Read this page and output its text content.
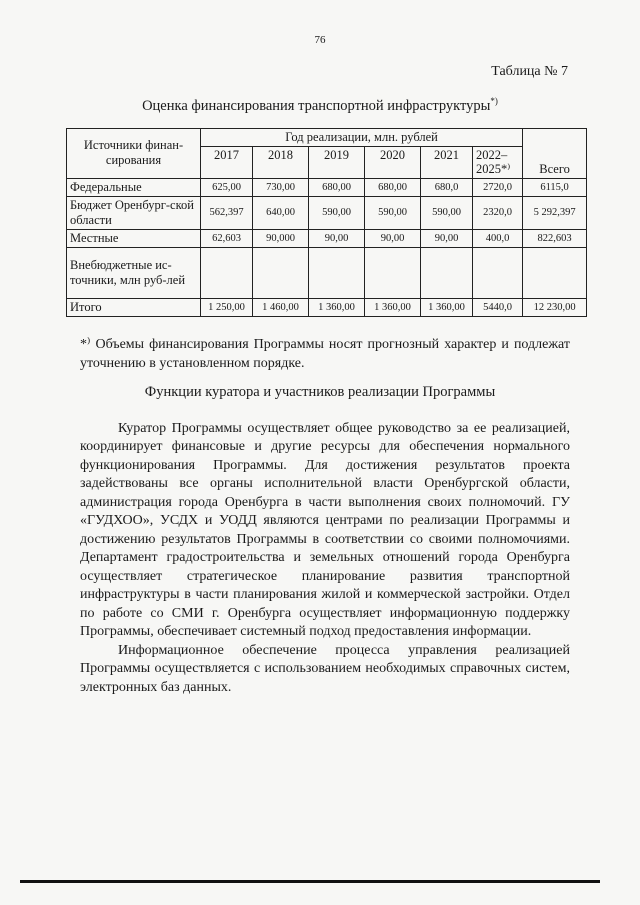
76
Таблица № 7
Оценка финансирования транспортной инфраструктуры*)
Источники финан-сирования	Год реализации, млн. рублей						Всего
	2017	2018	2019	2020	2021	2022–2025*⁾	
Федеральные	625,00	730,00	680,00	680,00	680,0	2720,0	6115,0
Бюджет Оренбург-ской области	562,397	640,00	590,00	590,00	590,00	2320,0	5 292,397
Местные	62,603	90,000	90,00	90,00	90,00	400,0	822,603
Внебюджетные ис-точники, млн руб-лей							
Итого	1 250,00	1 460,00	1 360,00	1 360,00	1 360,00	5440,0	12 230,00
*⁾ Объемы финансирования Программы носят прогнозный характер и подлежат уточнению в установленном порядке.
Функции куратора и участников реализации Программы

Куратор Программы осуществляет общее руководство за ее реализацией, координирует финансовые и другие ресурсы для обеспечения нормального функционирования Программы. Для достижения результатов проекта задействованы все органы исполнительной власти Оренбургской области, администрация города Оренбурга в части выполнения своих полномочий. ГУ «ГУДХОО», УСДХ и УОДД являются центрами по реализации Программы и достижению результатов Программы в соответствии со своими полномочиями. Департамент градостроительства и земельных отношений города Оренбурга осуществляет стратегическое планирование развития транспортной инфраструктуры в части планирования жилой и коммерческой застройки. Отдел по работе со СМИ г. Оренбурга осуществляет информационную поддержку Программы, обеспечивает системный подход предоставления информации.

Информационное обеспечение процесса управления реализацией Программы осуществляется с использованием необходимых справочных систем, электронных баз данных.
